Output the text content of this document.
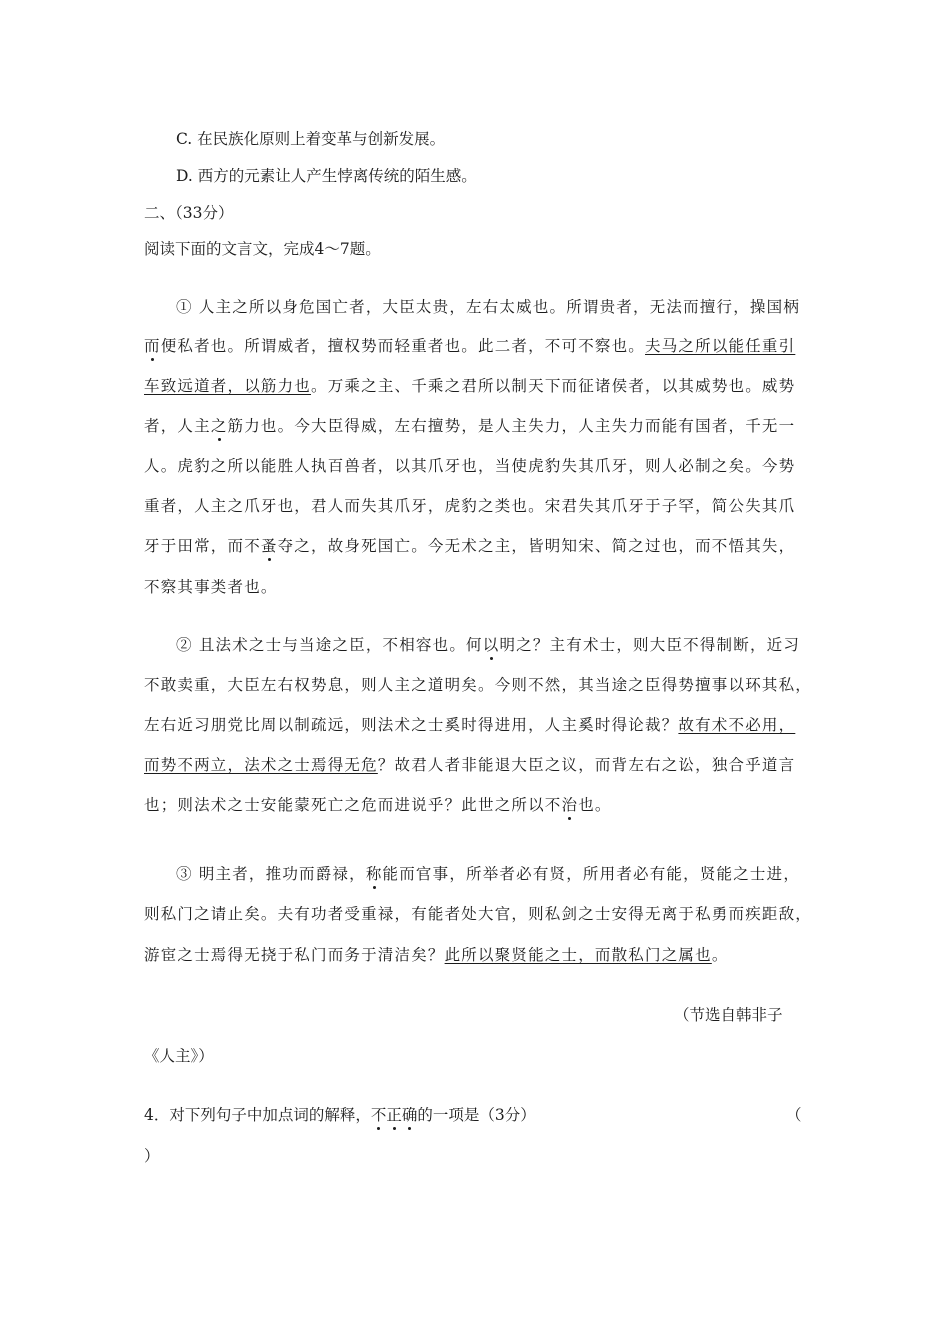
C. 在民族化原则上着变革与创新发展。
D. 西方的元素让人产生悖离传统的陌生感。
二、（33分）
阅读下面的文言文，完成4～7题。
① 人主之所以身危国亡者，大臣太贵，左右太威也。所谓贵者，无法而擅行，操国柄
而便私者也。所谓威者，擅权势而轻重者也。此二者，不可不察也。夫马之所以能任重引
车致远道者，以筋力也。万乘之主、千乘之君所以制天下而征诸侯者，以其威势也。威势
者，人主之筋力也。今大臣得威，左右擅势，是人主失力，人主失力而能有国者，千无一
人。虎豹之所以能胜人执百兽者，以其爪牙也，当使虎豹失其爪牙，则人必制之矣。今势
重者，人主之爪牙也，君人而失其爪牙，虎豹之类也。宋君失其爪牙于子罕，简公失其爪
牙于田常，而不蚤夺之，故身死国亡。今无术之主，皆明知宋、简之过也，而不悟其失，
不察其事类者也。
② 且法术之士与当途之臣，不相容也。何以明之？主有术士，则大臣不得制断，近习
不敢卖重，大臣左右权势息，则人主之道明矣。今则不然，其当途之臣得势擅事以环其私，
左右近习朋党比周以制疏远，则法术之士奚时得进用，人主奚时得论裁？故有术不必用，
而势不两立，法术之士焉得无危？故君人者非能退大臣之议，而背左右之讼，独合乎道言
也；则法术之士安能蒙死亡之危而进说乎？此世之所以不治也。
③ 明主者，推功而爵禄，称能而官事，所举者必有贤，所用者必有能，贤能之士进，
则私门之请止矣。夫有功者受重禄，有能者处大官，则私剑之士安得无离于私勇而疾距敌，
游宦之士焉得无挠于私门而务于清洁矣？此所以聚贤能之士，而散私门之属也。
（节选自韩非子
《人主》）
4．对下列句子中加点词的解释，不正确的一项是（3分）	（
）
